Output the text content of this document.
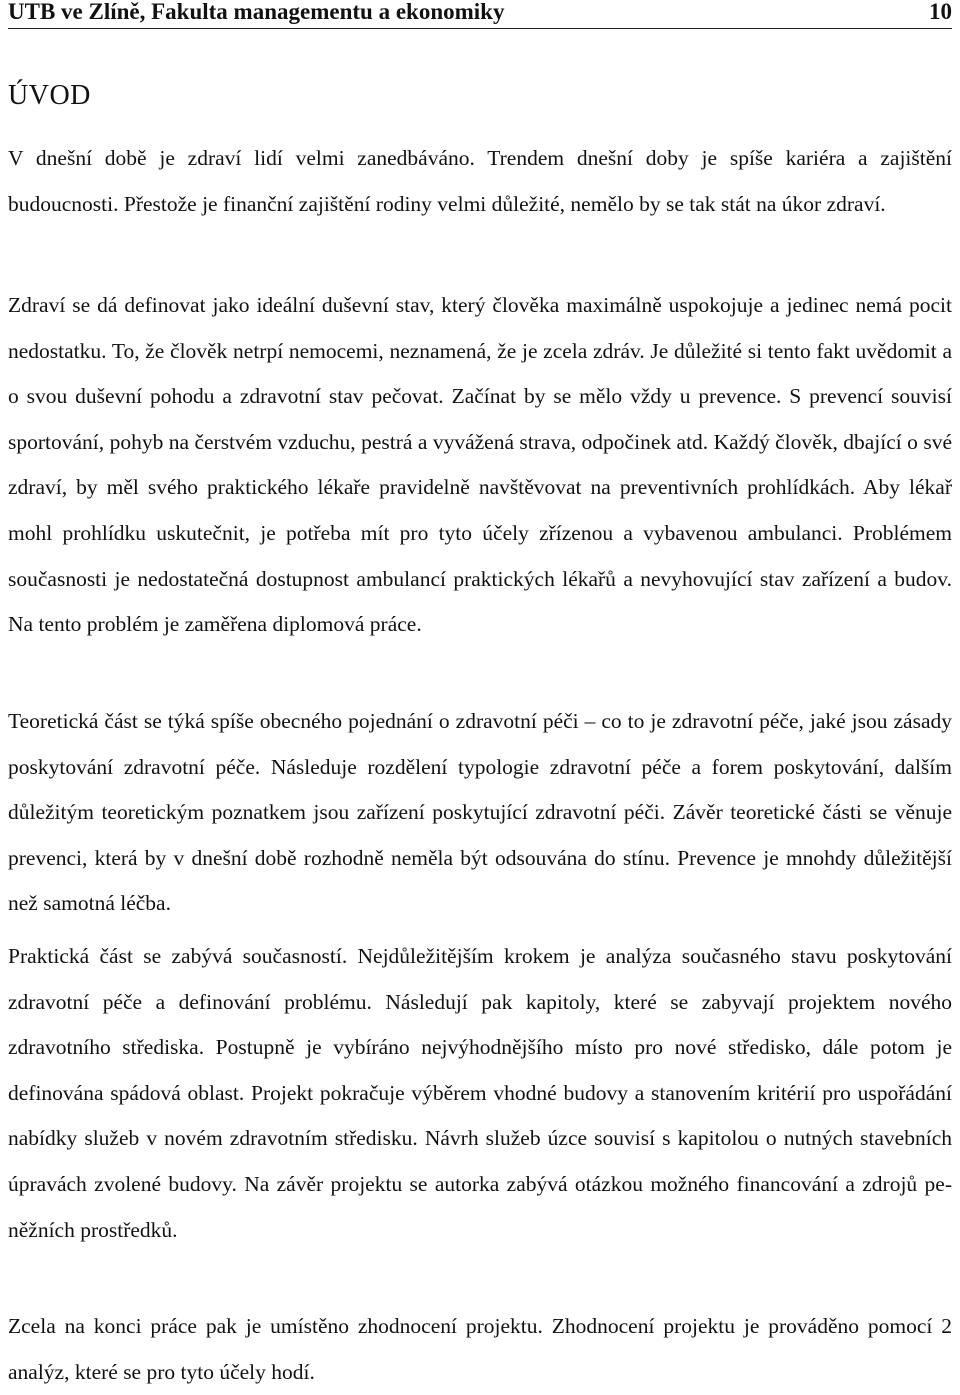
UTB ve Zlíně, Fakulta managementu a ekonomiky	10
ÚVOD

V dnešní době je zdraví lidí velmi zanedbáváno. Trendem dnešní doby je spíše kariéra a zajištění budoucnosti. Přestože je finanční zajištění rodiny velmi důležité, nemělo by se tak stát na úkor zdraví.

Zdraví se dá definovat jako ideální duševní stav, který člověka maximálně uspokojuje a jedinec nemá pocit nedostatku. To, že člověk netrpí nemocemi, neznamená, že je zcela zdráv. Je důležité si tento fakt uvědomit a o svou duševní pohodu a zdravotní stav pečovat. Začínat by se mělo vždy u prevence. S prevencí souvisí sportování, pohyb na čerstvém vzduchu, pestrá a vyvážená strava, odpočinek atd. Každý člověk, dbající o své zdraví, by měl svého praktického lékaře pravidelně navštěvovat na preventivních prohlídkách. Aby lékař mohl prohlídku uskutečnit, je potřeba mít pro tyto účely zřízenou a vybavenou ambulanci. Problémem současnosti je nedostatečná dostupnost ambulancí praktických lékařů a nevyhovující stav zařízení a budov. Na tento problém je zaměřena diplomová práce.

Teoretická část se týká spíše obecného pojednání o zdravotní péči – co to je zdravotní péče, jaké jsou zásady poskytování zdravotní péče. Následuje rozdělení typologie zdravotní péče a forem poskytování, dalším důležitým teoretickým poznatkem jsou zařízení poskytující zdravotní péči. Závěr teoretické části se věnuje prevenci, která by v dnešní době rozhodně neměla být odsouvána do stínu. Prevence je mnohdy důležitější než samotná léčba.

Praktická část se zabývá současností. Nejdůležitějším krokem je analýza současného stavu poskytování zdravotní péče a definování problému. Následují pak kapitoly, které se zabyvají projektem nového zdravotního střediska. Postupně je vybíráno nejvýhodnějšího místo pro nové středisko, dále potom je definována spádová oblast. Projekt pokračuje výběrem vhodné budovy a stanovením kritérií pro uspořádání nabídky služeb v novém zdravotním středisku. Návrh služeb úzce souvisí s kapitolou o nutných stavebních úpravách zvolené budovy. Na závěr projektu se autorka zabývá otázkou možného financování a zdrojů peněžních prostředků.

Zcela na konci práce pak je umístěno zhodnocení projektu. Zhodnocení projektu je prováděno pomocí 2 analýz, které se pro tyto účely hodí.
